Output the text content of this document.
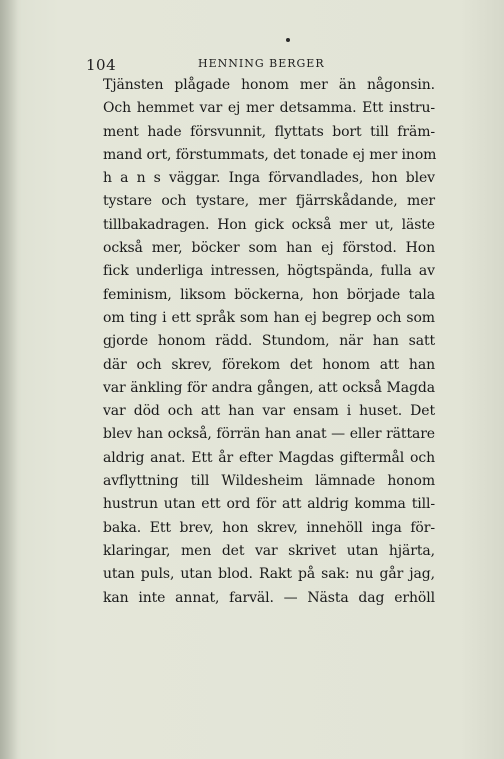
104	HENNING BERGER
Tjänsten plågade honom mer än någonsin.
Och hemmet var ej mer detsamma. Ett instru-
ment hade försvunnit, flyttats bort till främ-
mand ort, förstummats, det tonade ej mer inom
h a n s väggar. Inga förvandlades, hon blev
tystare och tystare, mer fjärrskådande, mer
tillbakadragen. Hon gick också mer ut, läste
också mer, böcker som han ej förstod. Hon
fick underliga intressen, högtspända, fulla av
feminism, liksom böckerna, hon började tala
om ting i ett språk som han ej begrep och som
gjorde honom rädd. Stundom, när han satt
där och skrev, förekom det honom att han
var änkling för andra gången, att också Magda
var död och att han var ensam i huset. Det
blev han också, förrän han anat — eller rättare
aldrig anat. Ett år efter Magdas giftermål och
avflyttning till Wildesheim lämnade honom
hustrun utan ett ord för att aldrig komma till-
baka. Ett brev, hon skrev, innehöll inga för-
klaringar, men det var skrivet utan hjärta,
utan puls, utan blod. Rakt på sak: nu går jag,
kan inte annat, farväl. — Nästa dag erhöll
